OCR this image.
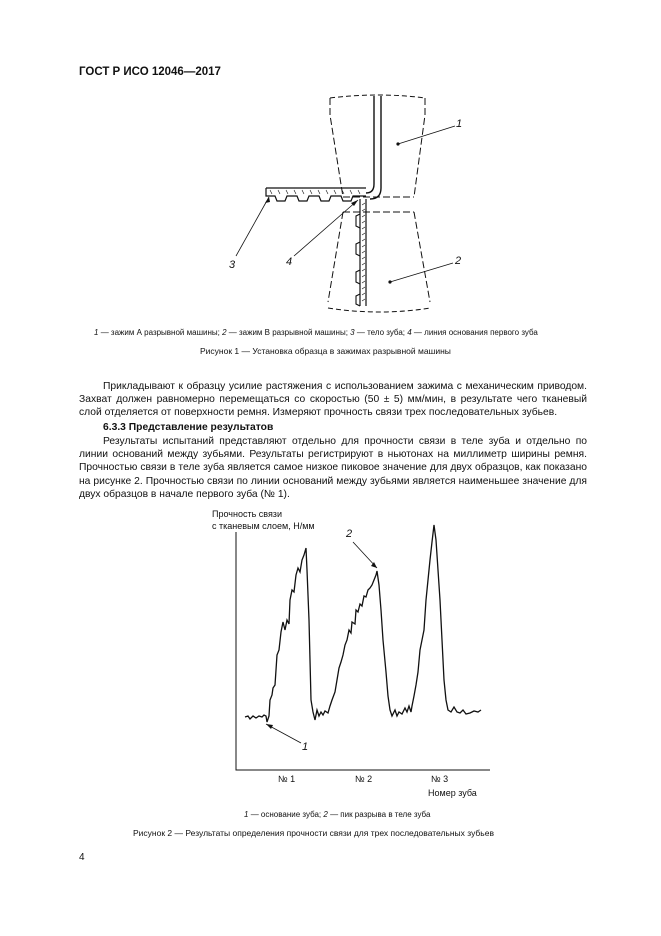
ГОСТ Р ИСО 12046—2017
1
2
3	4
1 — зажим А разрывной машины; 2 — зажим В разрывной машины; 3 — тело зуба; 4 — линия основания первого зуба
Рисунок 1 — Установка образца в зажимах разрывной машины

Прикладывают к образцу усилие растяжения с использованием зажима с механическим приводом. Захват должен равномерно перемещаться со скоростью (50 ± 5) мм/мин, в результате чего тканевый слой отделяется от поверхности ремня. Измеряют прочность связи трех последовательных зубьев.

6.3.3 Представление результатов

Результаты испытаний представляют отдельно для прочности связи в теле зуба и отдельно по линии оснований между зубьями. Результаты регистрируют в ньютонах на миллиметр ширины ремня. Прочностью связи в теле зуба является самое низкое пиковое значение для двух образцов, как показано на рисунке 2. Прочностью связи по линии оснований между зубьями является наименьшее значение для двух образцов в начале первого зуба (№ 1).

Прочность связи
с тканевым слоем, Н/мм
2
1
№ 1	№ 2	№ 3
Номер зуба
1 — основание зуба; 2 — пик разрыва в теле зуба
Рисунок 2 — Результаты определения прочности связи для трех последовательных зубьев
4
